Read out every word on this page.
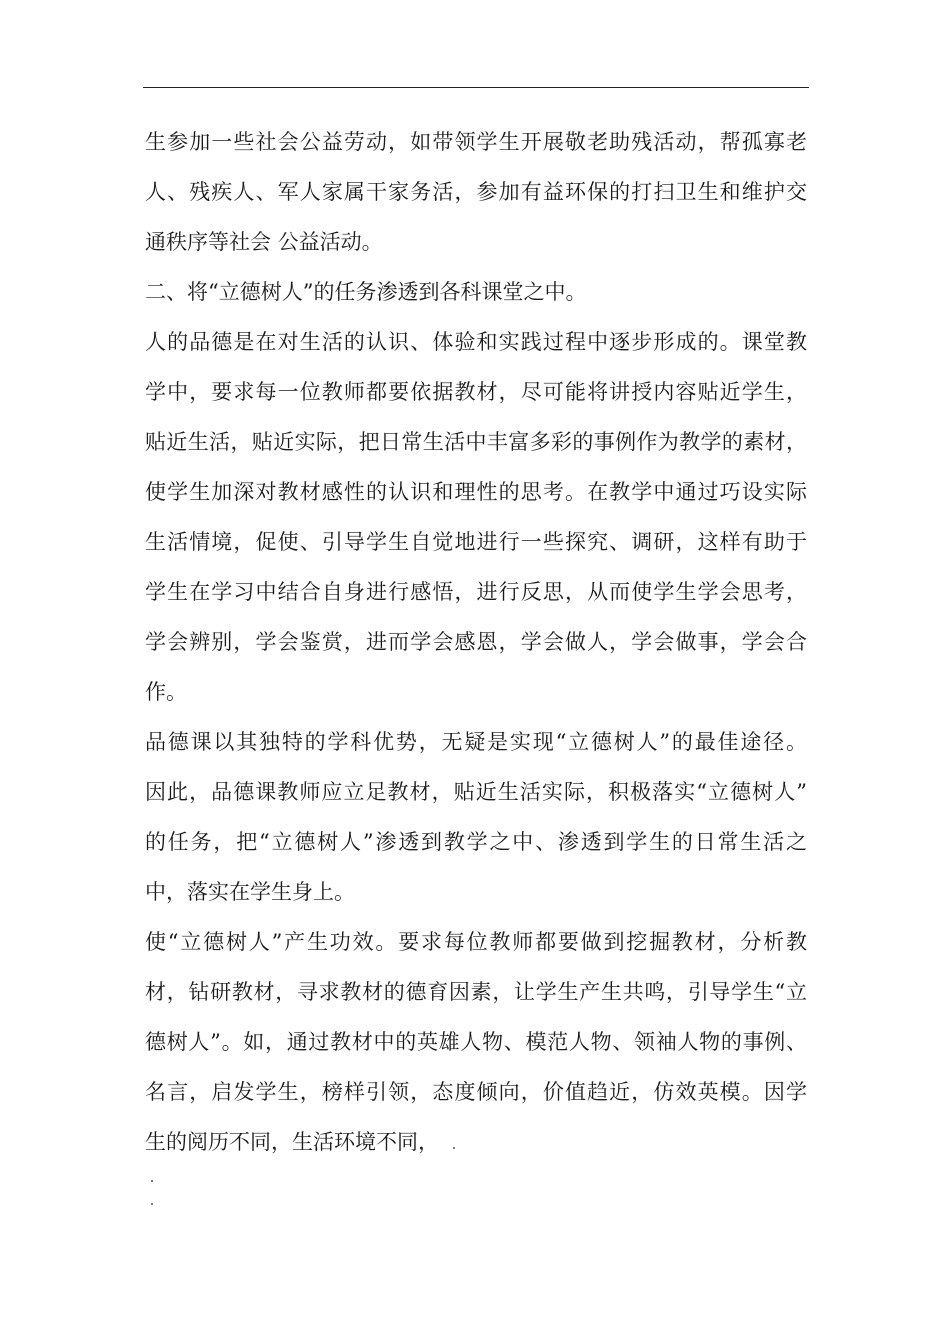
生参加一些社会公益劳动，如带领学生开展敬老助残活动，帮孤寡老
人、残疾人、军人家属干家务活，参加有益环保的打扫卫生和维护交
通秩序等社会 公益活动。
二、将“立德树人”的任务渗透到各科课堂之中。
人的品德是在对生活的认识、体验和实践过程中逐步形成的。课堂教
学中，要求每一位教师都要依据教材，尽可能将讲授内容贴近学生，
贴近生活，贴近实际，把日常生活中丰富多彩的事例作为教学的素材，
使学生加深对教材感性的认识和理性的思考。在教学中通过巧设实际
生活情境，促使、引导学生自觉地进行一些探究、调研，这样有助于
学生在学习中结合自身进行感悟，进行反思，从而使学生学会思考，
学会辨别，学会鉴赏，进而学会感恩，学会做人，学会做事，学会合
作。
品德课以其独特的学科优势，无疑是实现“立德树人”的最佳途径。
因此，品德课教师应立足教材，贴近生活实际，积极落实“立德树人”
的任务，把“立德树人”渗透到教学之中、渗透到学生的日常生活之
中，落实在学生身上。
使“立德树人”产生功效。要求每位教师都要做到挖掘教材，分析教
材，钻研教材，寻求教材的德育因素，让学生产生共鸣，引导学生“立
德树人”。如，通过教材中的英雄人物、模范人物、领袖人物的事例、
名言，启发学生，榜样引领，态度倾向，价值趋近，仿效英模。因学
生的阅历不同，生活环境不同，
